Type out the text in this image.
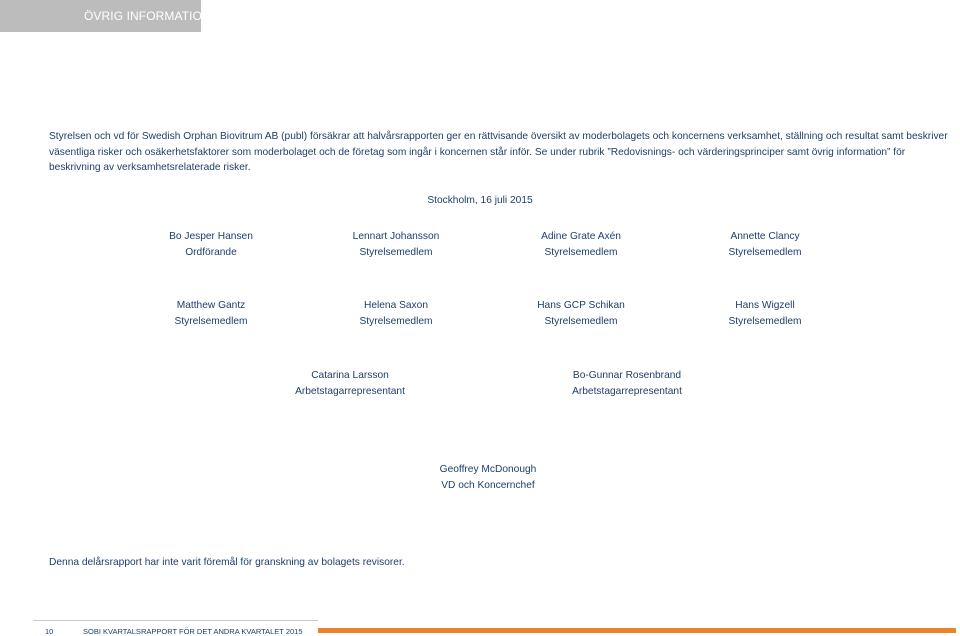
ÖVRIG INFORMATION

Styrelsen och vd för Swedish Orphan Biovitrum AB (publ) försäkrar att halvårsrapporten ger en rättvisande översikt av moderbolagets och koncernens verksamhet, ställning och resultat samt beskriver väsentliga risker och osäkerhetsfaktorer som moderbolaget och de företag som ingår i koncernen står inför. Se under rubrik ”Redovisnings- och värderingsprinciper samt övrig information” för beskrivning av verksamhetsrelaterade risker.

Stockholm, 16 juli 2015
Bo Jesper Hansen
Ordförande
Lennart Johansson
Styrelsemedlem
Adine Grate Axén
Styrelsemedlem
Annette Clancy
Styrelsemedlem
Matthew Gantz
Styrelsemedlem
Helena Saxon
Styrelsemedlem
Hans GCP Schikan
Styrelsemedlem
Hans Wigzell
Styrelsemedlem
Catarina Larsson
Arbetstagarrepresentant
Bo-Gunnar Rosenbrand
Arbetstagarrepresentant
Geoffrey McDonough
VD och Koncernchef
Denna delårsrapport har inte varit föremål för granskning av bolagets revisorer.
10	SOBI KVARTALSRAPPORT FÖR DET ANDRA KVARTALET 2015
